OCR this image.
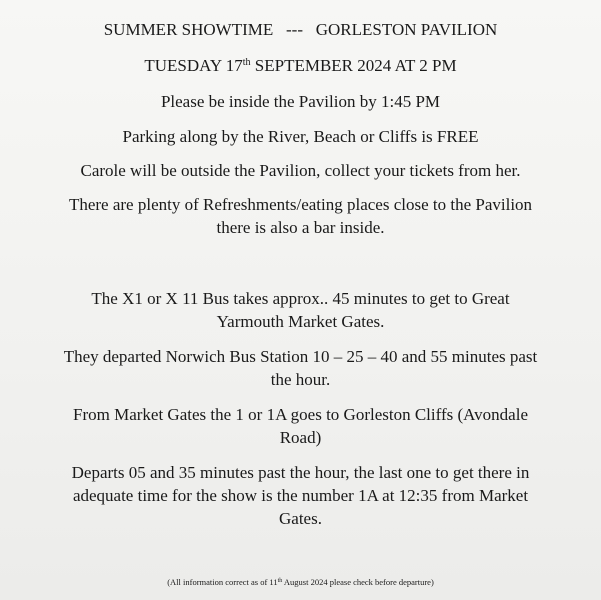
SUMMER SHOWTIME --- GORLESTON PAVILION
TUESDAY 17th SEPTEMBER 2024 AT 2 PM
Please be inside the Pavilion by 1:45 PM
Parking along by the River, Beach or Cliffs is FREE
Carole will be outside the Pavilion, collect your tickets from her.
There are plenty of Refreshments/eating places close to the Pavilion
there is also a bar inside.
The X1 or X 11 Bus takes approx.. 45 minutes to get to Great
Yarmouth Market Gates.
They departed Norwich Bus Station 10 – 25 – 40 and 55 minutes past
the hour.
From Market Gates the 1 or 1A goes to Gorleston Cliffs (Avondale
Road)
Departs 05 and 35 minutes past the hour, the last one to get there in
adequate time for the show is the number 1A at 12:35 from Market
Gates.
(All information correct as of 11th August 2024 please check before departure)
